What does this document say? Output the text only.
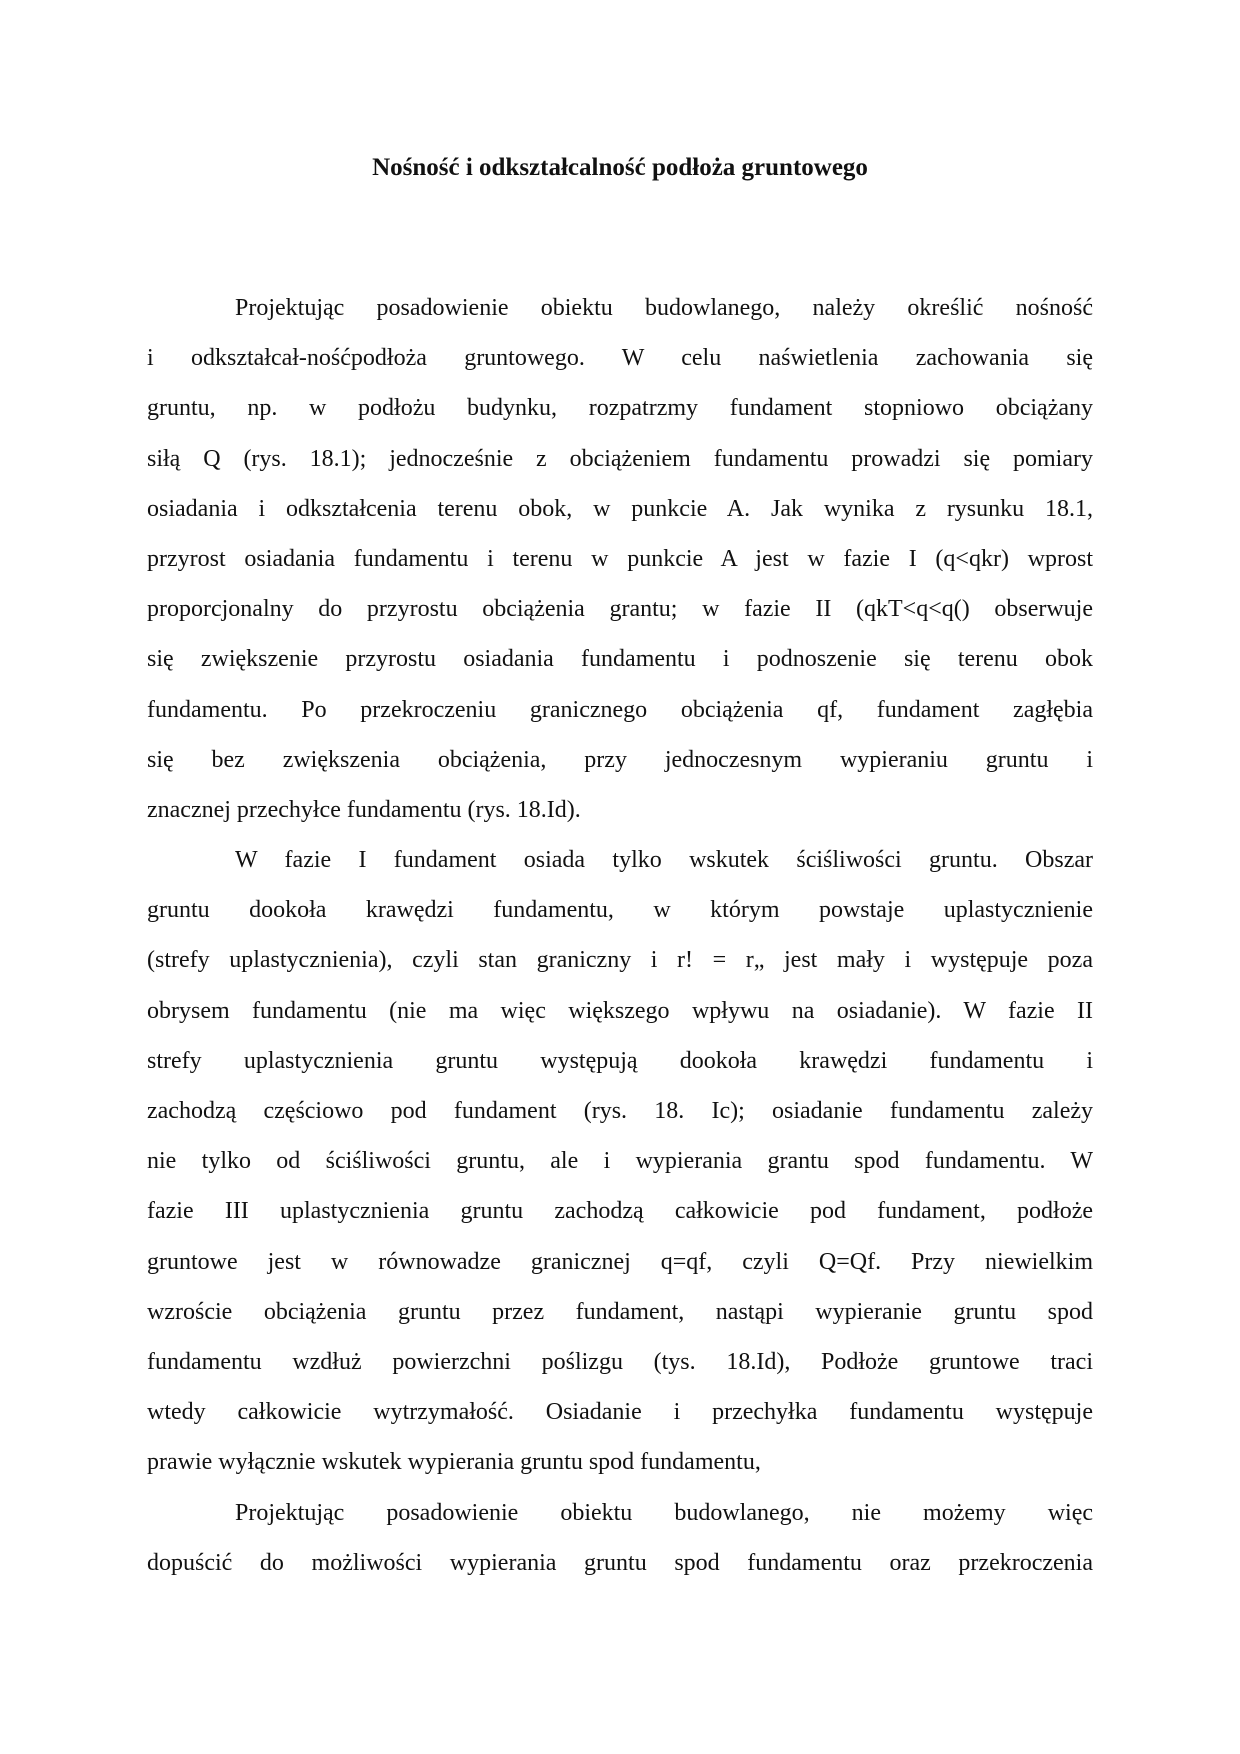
Nośność i odkształcalność podłoża gruntowego
Projektując posadowienie obiektu budowlanego, należy określić nośność
i odkształcał-nośćpodłoża gruntowego. W celu naświetlenia zachowania się
gruntu, np. w podłożu budynku, rozpatrzmy fundament stopniowo obciążany
siłą Q (rys. 18.1); jednocześnie z obciążeniem fundamentu prowadzi się pomiary
osiadania i odkształcenia terenu obok, w punkcie A. Jak wynika z rysunku 18.1,
przyrost osiadania fundamentu i terenu w punkcie A jest w fazie I (q<qkr) wprost
proporcjonalny do przyrostu obciążenia grantu; w fazie II (qkT<q<q() obserwuje
się zwiększenie przyrostu osiadania fundamentu i podnoszenie się terenu obok
fundamentu. Po przekroczeniu granicznego obciążenia qf, fundament zagłębia
się bez zwiększenia obciążenia, przy jednoczesnym wypieraniu gruntu i
znacznej przechyłce fundamentu (rys. 18.Id).
W fazie I fundament osiada tylko wskutek ściśliwości gruntu. Obszar
gruntu dookoła krawędzi fundamentu, w którym powstaje uplastycznienie
(strefy uplastycznienia), czyli stan graniczny i r! = r„ jest mały i występuje poza
obrysem fundamentu (nie ma więc większego wpływu na osiadanie). W fazie II
strefy uplastycznienia gruntu występują dookoła krawędzi fundamentu i
zachodzą częściowo pod fundament (rys. 18. Ic); osiadanie fundamentu zależy
nie tylko od ściśliwości gruntu, ale i wypierania grantu spod fundamentu. W
fazie III uplastycznienia gruntu zachodzą całkowicie pod fundament, podłoże
gruntowe jest w równowadze granicznej q=qf, czyli Q=Qf. Przy niewielkim
wzroście obciążenia gruntu przez fundament, nastąpi wypieranie gruntu spod
fundamentu wzdłuż powierzchni poślizgu (tys. 18.Id), Podłoże gruntowe traci
wtedy całkowicie wytrzymałość. Osiadanie i przechyłka fundamentu występuje
prawie wyłącznie wskutek wypierania gruntu spod fundamentu,
Projektując posadowienie obiektu budowlanego, nie możemy więc
dopuścić do możliwości wypierania gruntu spod fundamentu oraz przekroczenia
